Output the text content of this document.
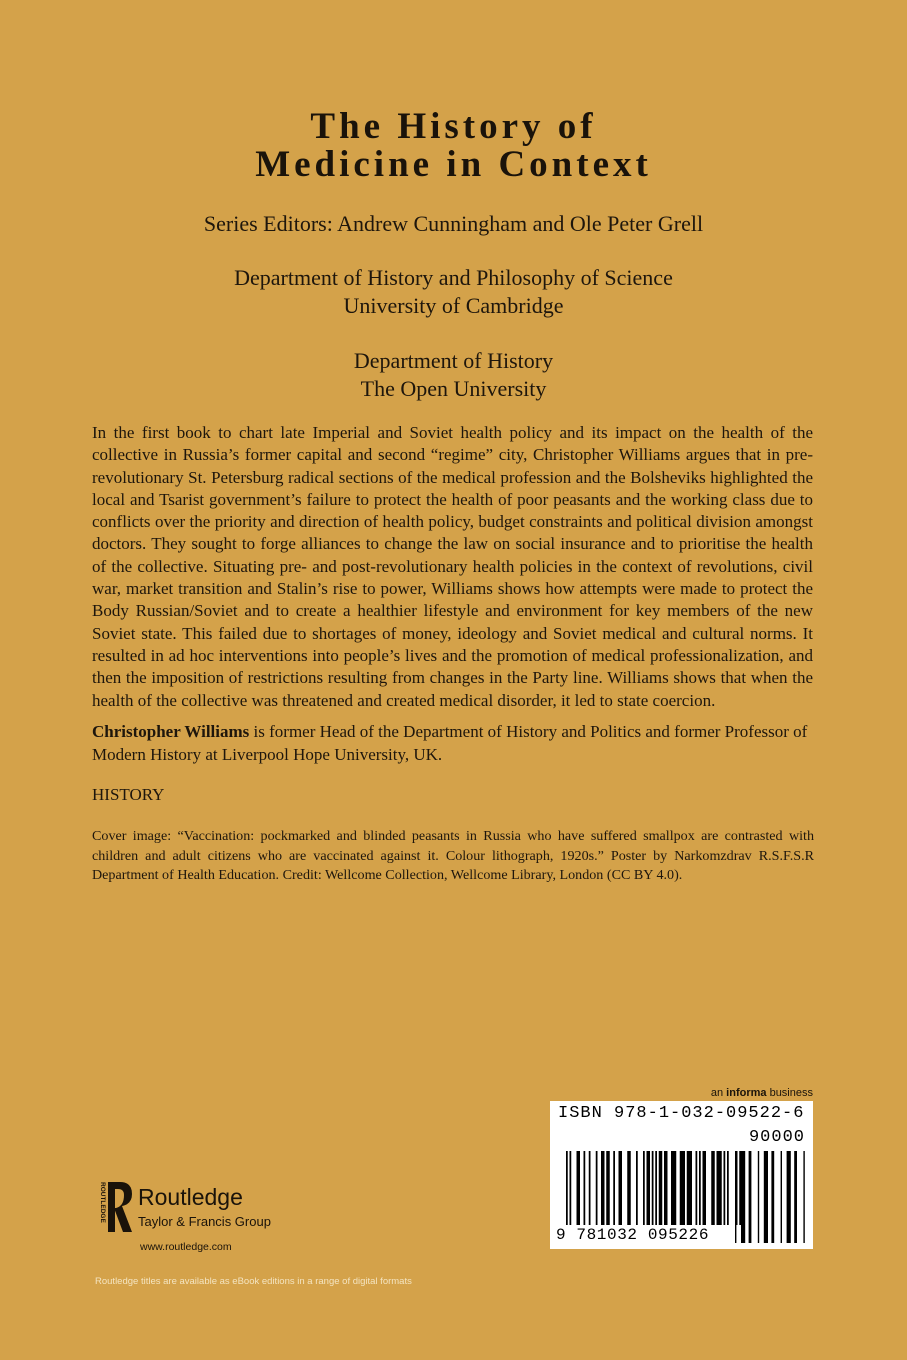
The History of
Medicine in Context
Series Editors: Andrew Cunningham and Ole Peter Grell
Department of History and Philosophy of Science
University of Cambridge
Department of History
The Open University

In the first book to chart late Imperial and Soviet health policy and its impact on the health of the collective in Russia’s former capital and second “regime” city, Christopher Williams argues that in pre-revolutionary St. Petersburg radical sections of the medical profession and the Bolsheviks highlighted the local and Tsarist government’s failure to protect the health of poor peasants and the working class due to conflicts over the priority and direction of health policy, budget constraints and political division amongst doctors. They sought to forge alliances to change the law on social insurance and to prioritise the health of the collective. Situating pre- and post-revolutionary health policies in the context of revolutions, civil war, market transition and Stalin’s rise to power, Williams shows how attempts were made to protect the Body Russian/Soviet and to create a healthier lifestyle and environment for key members of the new Soviet state. This failed due to shortages of money, ideology and Soviet medical and cultural norms. It resulted in ad hoc interventions into people’s lives and the promotion of medical professionalization, and then the imposition of restrictions resulting from changes in the Party line. Williams shows that when the health of the collective was threatened and created medical disorder, it led to state coercion.

Christopher Williams is former Head of the Department of History and Politics and former Professor of Modern History at Liverpool Hope University, UK.

HISTORY

Cover image: “Vaccination: pockmarked and blinded peasants in Russia who have suffered smallpox are contrasted with children and adult citizens who are vaccinated against it. Colour lithograph, 1920s.” Poster by Narkomzdrav R.S.F.S.R Department of Health Education. Credit: Wellcome Collection, Wellcome Library, London (CC BY 4.0).

an informa business
ISBN 978-1-032-09522-6
90000
9 781032 095226
ROUTLEDGE Routledge
Taylor & Francis Group
www.routledge.com
Routledge titles are available as eBook editions in a range of digital formats
